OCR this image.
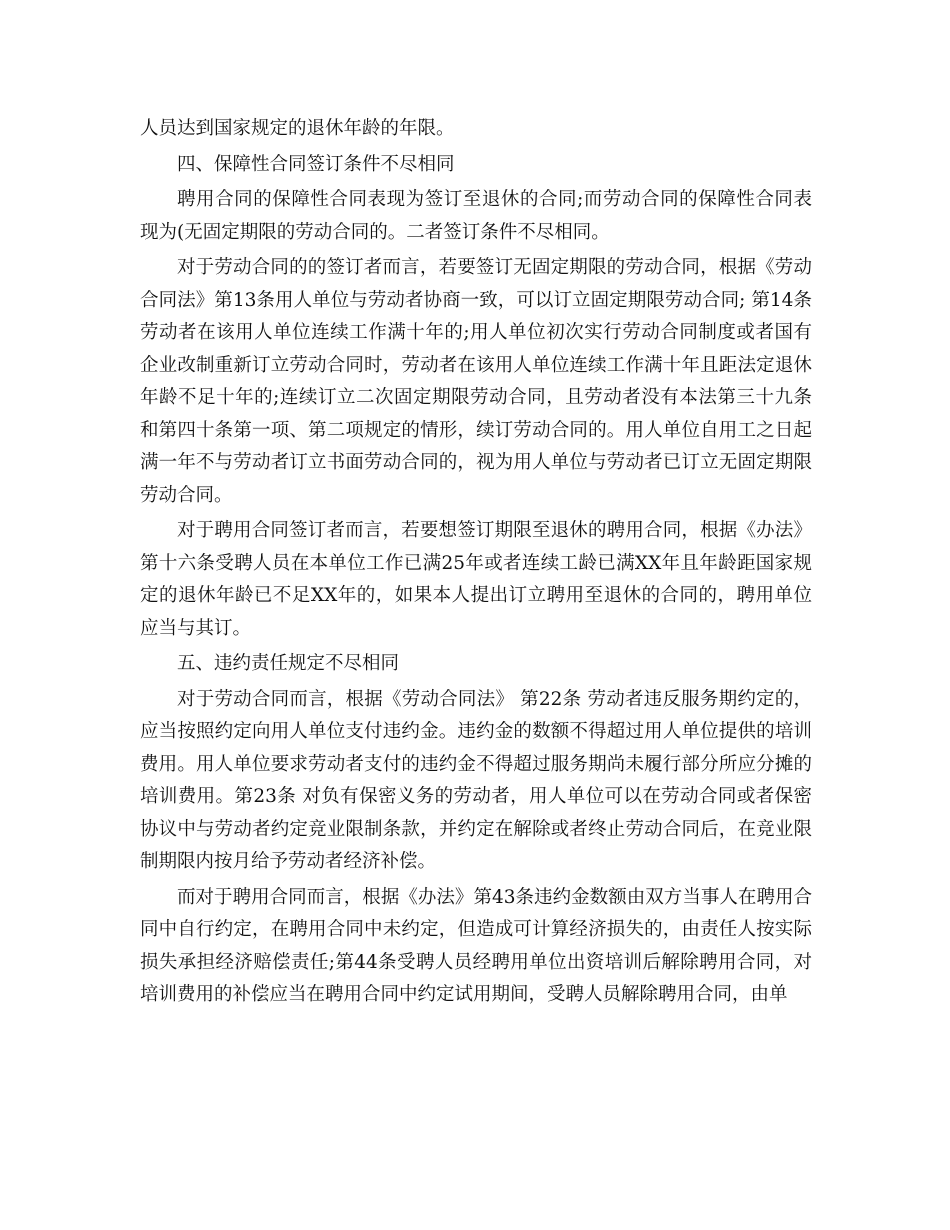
人员达到国家规定的退休年龄的年限。

四、保障性合同签订条件不尽相同

聘用合同的保障性合同表现为签订至退休的合同;而劳动合同的保障性合同表现为(无固定期限的劳动合同的。二者签订条件不尽相同。

对于劳动合同的的签订者而言，若要签订无固定期限的劳动合同，根据《劳动合同法》第13条用人单位与劳动者协商一致，可以订立固定期限劳动合同; 第14条劳动者在该用人单位连续工作满十年的;用人单位初次实行劳动合同制度或者国有企业改制重新订立劳动合同时，劳动者在该用人单位连续工作满十年且距法定退休年龄不足十年的;连续订立二次固定期限劳动合同，且劳动者没有本法第三十九条和第四十条第一项、第二项规定的情形，续订劳动合同的。用人单位自用工之日起满一年不与劳动者订立书面劳动合同的，视为用人单位与劳动者已订立无固定期限劳动合同。

对于聘用合同签订者而言，若要想签订期限至退休的聘用合同，根据《办法》第十六条受聘人员在本单位工作已满25年或者连续工龄已满XX年且年龄距国家规定的退休年龄已不足XX年的，如果本人提出订立聘用至退休的合同的，聘用单位应当与其订。

五、违约责任规定不尽相同

对于劳动合同而言，根据《劳动合同法》 第22条 劳动者违反服务期约定的，应当按照约定向用人单位支付违约金。违约金的数额不得超过用人单位提供的培训费用。用人单位要求劳动者支付的违约金不得超过服务期尚未履行部分所应分摊的培训费用。第23条 对负有保密义务的劳动者，用人单位可以在劳动合同或者保密协议中与劳动者约定竞业限制条款，并约定在解除或者终止劳动合同后，在竞业限制期限内按月给予劳动者经济补偿。

而对于聘用合同而言，根据《办法》第43条违约金数额由双方当事人在聘用合同中自行约定，在聘用合同中未约定，但造成可计算经济损失的，由责任人按实际损失承担经济赔偿责任;第44条受聘人员经聘用单位出资培训后解除聘用合同，对培训费用的补偿应当在聘用合同中约定试用期间，受聘人员解除聘用合同，由单
